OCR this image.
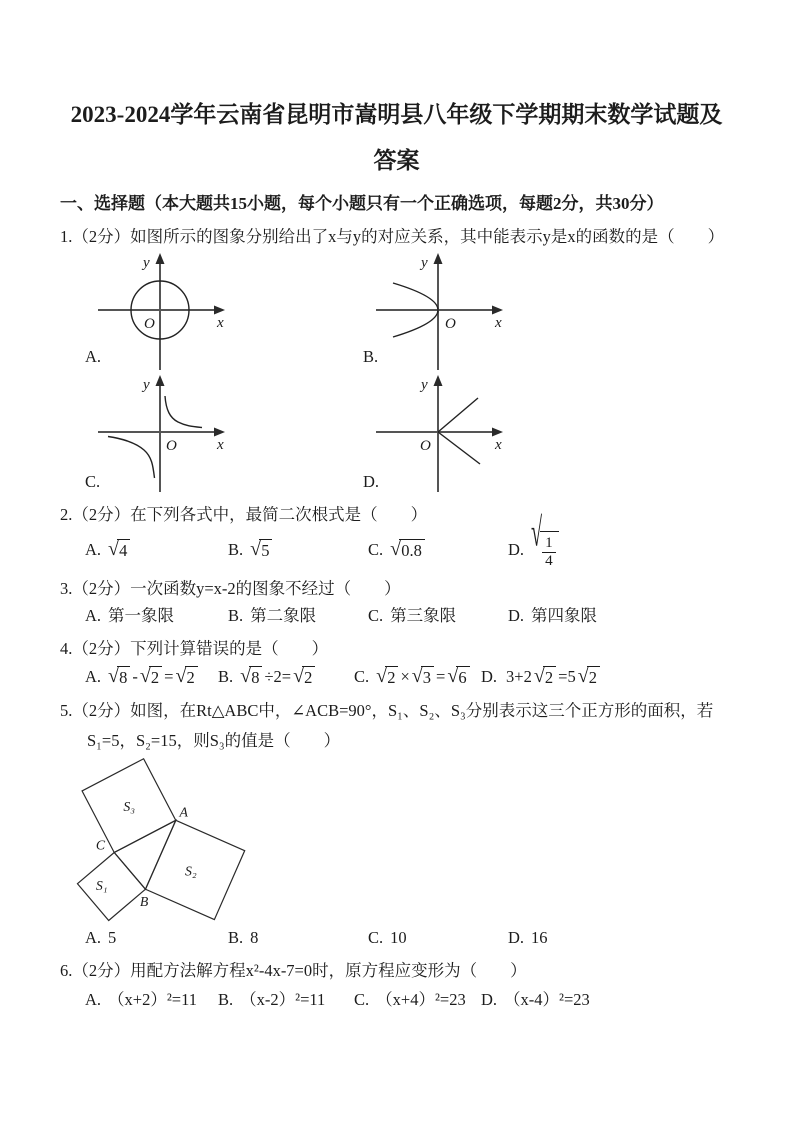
2023-2024学年云南省昆明市嵩明县八年级下学期期末数学试题及答案
一、选择题（本大题共15小题，每个小题只有一个正确选项，每题2分，共30分）
1.（2分）如图所示的图象分别给出了x与y的对应关系，其中能表示y是x的函数的是（　　）
y
x
O
A.
y
x
O
B.
y
x
O
C.
y
x
O
D.
2.（2分）在下列各式中，最简二次根式是（　　）
A. √ 4	B. √ 5	C. √ 0.8	D. √ $\frac{1}{4}$
3.（2分）一次函数y=x-2的图象不经过（　　）
A. 第一象限	B. 第二象限	C. 第三象限	D. 第四象限
4.（2分）下列计算错误的是（　　）
A. √ 8 - √ 2 = √ 2 B. √ 8 ÷2= √ 2	C. √ 2 × √ 3 = √ 6 D. 3+2 √ 2 =5 √ 2
5.（2分）如图，在Rt△ABC中，∠ACB=90°，S₁、S₂、S₃分别表示这三个正方形的面积，若S₁=5，S₂=15，则S₃的值是（　　）
S₃
S₂
S₁
A
B
C
A. 5	B. 8	C. 10	D. 16
6.（2分）用配方法解方程x²-4x-7=0时，原方程应变形为（　　）
A. （x+2）²=11 B. （x-2）²=11 C. （x+4）²=23 D. （x-4）²=23
